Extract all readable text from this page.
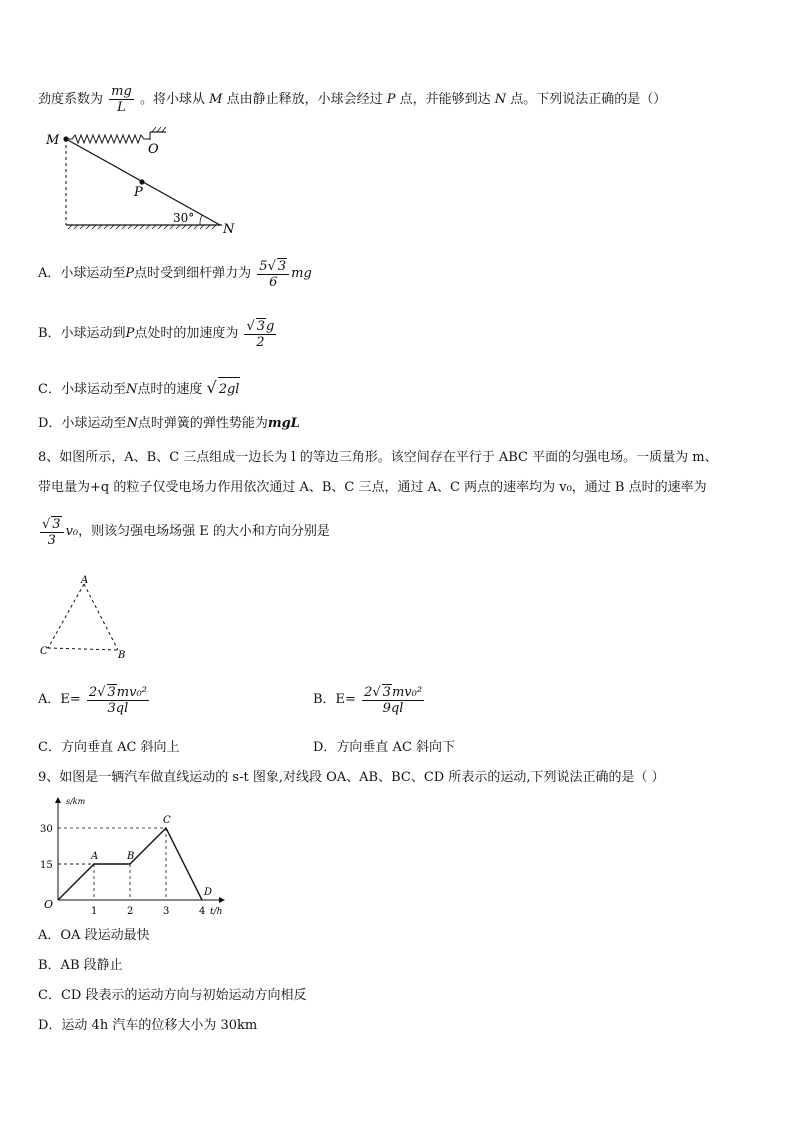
劲度系数为 $\frac{mg}{L}$ 。将小球从 M 点由静止释放，小球会经过 P 点，并能够到达 N 点。下列说法正确的是（）
M
O
P
N
30°
A．小球运动至P点时受到细杆弹力为 $\frac{5√ 3}{6}$ mg
B．小球运动到P点处时的加速度为 $\frac{√ 3g}{2}$
C．小球运动至N点时的速度 √ 2gl
D．小球运动至N点时弹簧的弹性势能为mgL
8、如图所示，A、B、C 三点组成一边长为 l 的等边三角形。该空间存在平行于 ABC 平面的匀强电场。一质量为 m、
带电量为+q 的粒子仅受电场力作用依次通过 A、B、C 三点，通过 A、C 两点的速率均为 v₀，通过 B 点时的速率为
$\frac{√ 3}{3} v_0$，则该匀强电场场强 E 的大小和方向分别是
A
C	B
A．$E= \frac{\text{2√ 3mv₀²}}{3ql}$	B．$E= \frac{\text{2√ 3mv₀²}}{9ql}$
C．方向垂直 AC 斜向上	D．方向垂直 AC 斜向下
9、如图是一辆汽车做直线运动的 s-t 图象,对线段 OA、AB、BC、CD 所表示的运动,下列说法正确的是（ ）
A	B
C
D
1	2	3	4
15
30
s/km
t/h
O
A．OA 段运动最快
B．AB 段静止
C．CD 段表示的运动方向与初始运动方向相反
D．运动 4h 汽车的位移大小为 30km
